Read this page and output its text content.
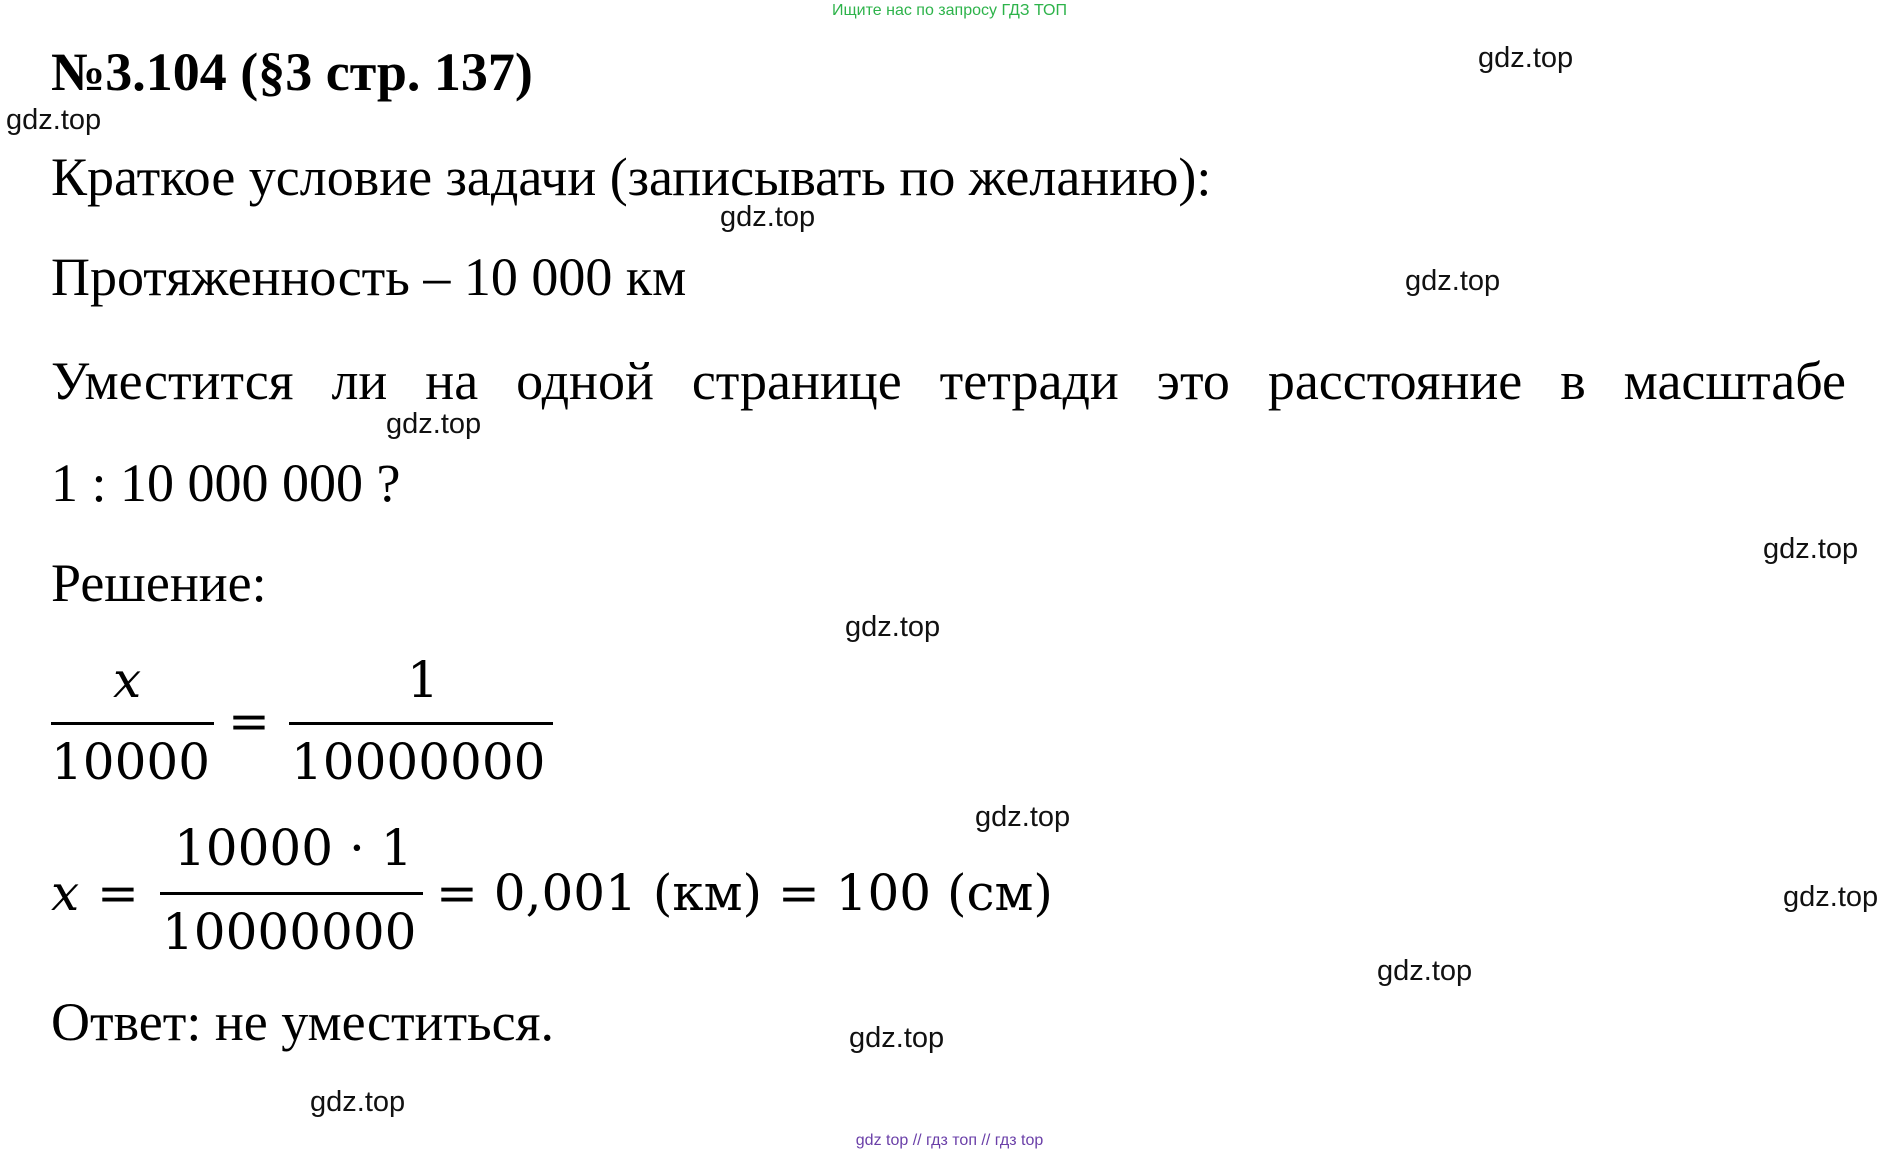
Ищите нас по запросу ГДЗ ТОП
№3.104 (§3 стр. 137)
Краткое условие задачи (записывать по желанию):
Протяженность – 10 000 км
Уместится ли на одной странице тетради это расстояние в масштабе
1 : 10 000 000 ?
Решение:
x
10000
=
1
10000000
x =
10000 · 1
10000000
= 0,001 (км) = 100 (см)
Ответ: не уместиться.
gdz.top
gdz.top
gdz.top
gdz.top
gdz.top
gdz.top
gdz.top
gdz.top
gdz.top
gdz.top
gdz.top
gdz.top
gdz top // гдз топ // гдз top
